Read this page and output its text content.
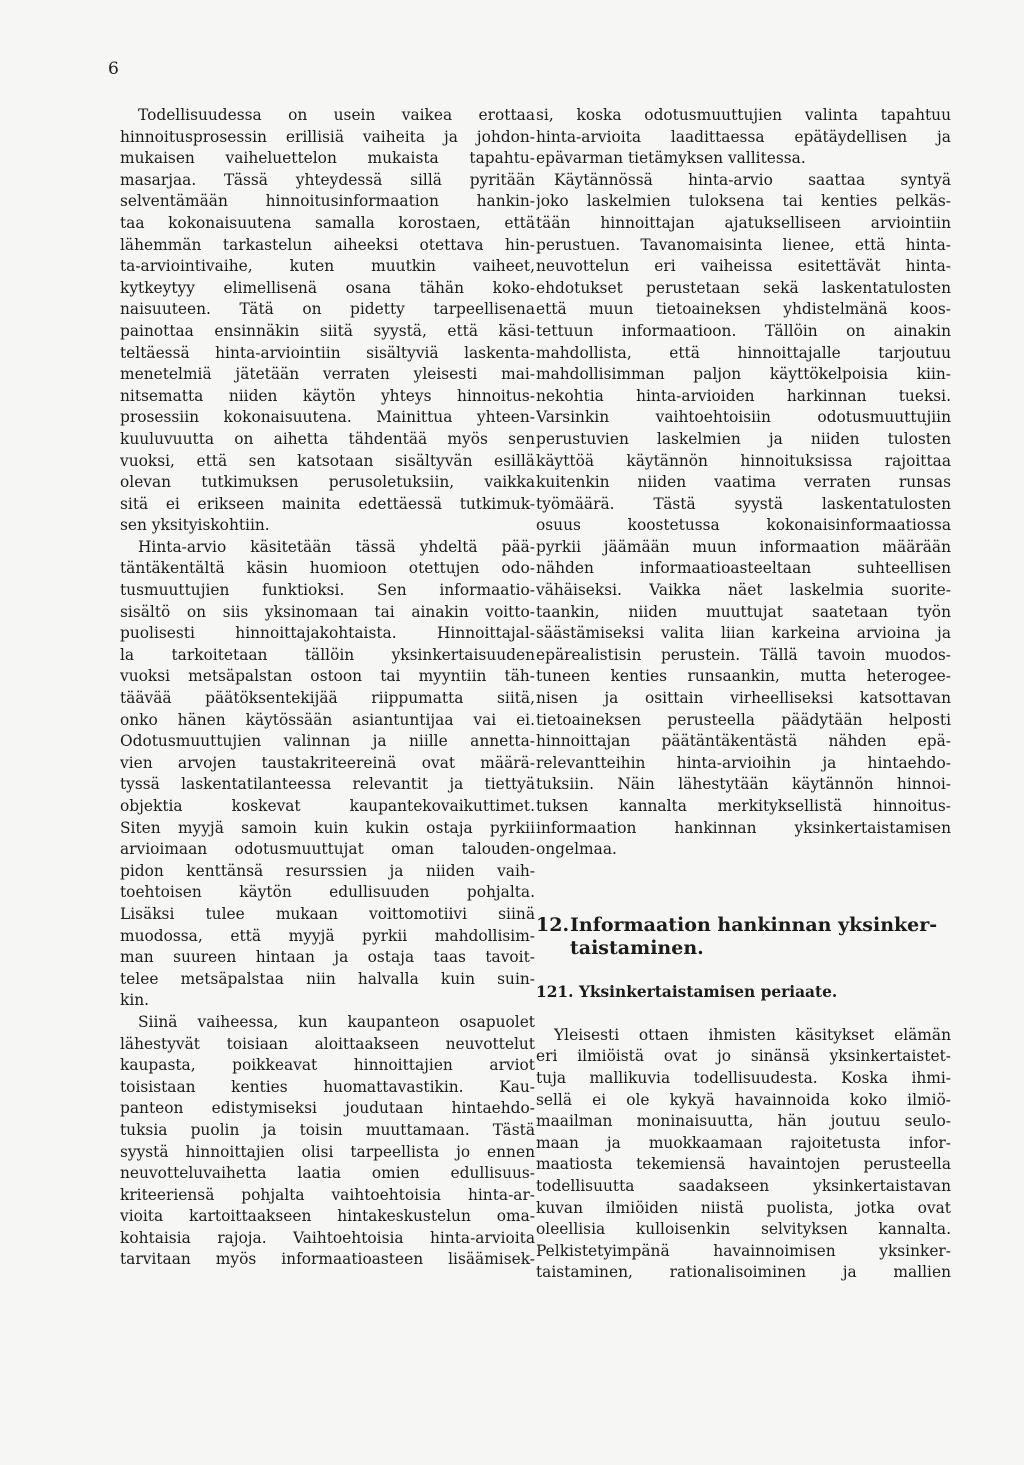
6
Todellisuudessa on usein vaikea erottaa
hinnoitusprosessin erillisiä vaiheita ja johdon-
mukaisen vaiheluettelon mukaista tapahtu-
masarjaa. Tässä yhteydessä sillä pyritään
selventämään hinnoitusinformaation hankin-
taa kokonaisuutena samalla korostaen, että
lähemmän tarkastelun aiheeksi otettava hin-
ta-arviointivaihe, kuten muutkin vaiheet,
kytkeytyy elimellisenä osana tähän koko-
naisuuteen. Tätä on pidetty tarpeellisena
painottaa ensinnäkin siitä syystä, että käsi-
teltäessä hinta-arviointiin sisältyviä laskenta-
menetelmiä jätetään verraten yleisesti mai-
nitsematta niiden käytön yhteys hinnoitus-
prosessiin kokonaisuutena. Mainittua yhteen-
kuuluvuutta on aihetta tähdentää myös sen
vuoksi, että sen katsotaan sisältyvän esillä
olevan tutkimuksen perusoletuksiin, vaikka
sitä ei erikseen mainita edettäessä tutkimuk-
sen yksityiskohtiin.
Hinta-arvio käsitetään tässä yhdeltä pää-
täntäkentältä käsin huomioon otettujen odo-
tusmuuttujien funktioksi. Sen informaatio-
sisältö on siis yksinomaan tai ainakin voitto-
puolisesti hinnoittajakohtaista. Hinnoittajal-
la tarkoitetaan tällöin yksinkertaisuuden
vuoksi metsäpalstan ostoon tai myyntiin täh-
täävää päätöksentekijää riippumatta siitä,
onko hänen käytössään asiantuntijaa vai ei.
Odotusmuuttujien valinnan ja niille annetta-
vien arvojen taustakriteereinä ovat määrä-
tyssä laskentatilanteessa relevantit ja tiettyä
objektia koskevat kaupantekovaikuttimet.
Siten myyjä samoin kuin kukin ostaja pyrkii
arvioimaan odotusmuuttujat oman talouden-
pidon kenttänsä resurssien ja niiden vaih-
toehtoisen käytön edullisuuden pohjalta.
Lisäksi tulee mukaan voittomotiivi siinä
muodossa, että myyjä pyrkii mahdollisim-
man suureen hintaan ja ostaja taas tavoit-
telee metsäpalstaa niin halvalla kuin suin-
kin.
Siinä vaiheessa, kun kaupanteon osapuolet
lähestyvät toisiaan aloittaakseen neuvottelut
kaupasta, poikkeavat hinnoittajien arviot
toisistaan kenties huomattavastikin. Kau-
panteon edistymiseksi joudutaan hintaehdo-
tuksia puolin ja toisin muuttamaan. Tästä
syystä hinnoittajien olisi tarpeellista jo ennen
neuvotteluvaihetta laatia omien edullisuus-
kriteeriensä pohjalta vaihtoehtoisia hinta-ar-
vioita kartoittaakseen hintakeskustelun oma-
kohtaisia rajoja. Vaihtoehtoisia hinta-arvioita
tarvitaan myös informaatioasteen lisäämisek-
si, koska odotusmuuttujien valinta tapahtuu
hinta-arvioita laadittaessa epätäydellisen ja
epävarman tietämyksen vallitessa.
Käytännössä hinta-arvio saattaa syntyä
joko laskelmien tuloksena tai kenties pelkäs-
tään hinnoittajan ajatukselliseen arviointiin
perustuen. Tavanomaisinta lienee, että hinta-
neuvottelun eri vaiheissa esitettävät hinta-
ehdotukset perustetaan sekä laskentatulosten
että muun tietoaineksen yhdistelmänä koos-
tettuun informaatioon. Tällöin on ainakin
mahdollista, että hinnoittajalle tarjoutuu
mahdollisimman paljon käyttökelpoisia kiin-
nekohtia hinta-arvioiden harkinnan tueksi.
Varsinkin vaihtoehtoisiin odotusmuuttujiin
perustuvien laskelmien ja niiden tulosten
käyttöä käytännön hinnoituksissa rajoittaa
kuitenkin niiden vaatima verraten runsas
työmäärä. Tästä syystä laskentatulosten
osuus koostetussa kokonaisinformaatiossa
pyrkii jäämään muun informaation määrään
nähden informaatioasteeltaan suhteellisen
vähäiseksi. Vaikka näet laskelmia suorite-
taankin, niiden muuttujat saatetaan työn
säästämiseksi valita liian karkeina arvioina ja
epärealistisin perustein. Tällä tavoin muodos-
tuneen kenties runsaankin, mutta heterogee-
nisen ja osittain virheelliseksi katsottavan
tietoaineksen perusteella päädytään helposti
hinnoittajan päätäntäkentästä nähden epä-
relevantteihin hinta-arvioihin ja hintaehdo-
tuksiin. Näin lähestytään käytännön hinnoi-
tuksen kannalta merkityksellistä hinnoitus-
informaation hankinnan yksinkertaistamisen
ongelmaa.
12.Informaation hankinnan yksinker-
taistaminen.
121. Yksinkertaistamisen periaate.
Yleisesti ottaen ihmisten käsitykset elämän
eri ilmiöistä ovat jo sinänsä yksinkertaistet-
tuja mallikuvia todellisuudesta. Koska ihmi-
sellä ei ole kykyä havainnoida koko ilmiö-
maailman moninaisuutta, hän joutuu seulo-
maan ja muokkaamaan rajoitetusta infor-
maatiosta tekemiensä havaintojen perusteella
todellisuutta saadakseen yksinkertaistavan
kuvan ilmiöiden niistä puolista, jotka ovat
oleellisia kulloisenkin selvityksen kannalta.
Pelkistetyimpänä havainnoimisen yksinker-
taistaminen, rationalisoiminen ja mallien
